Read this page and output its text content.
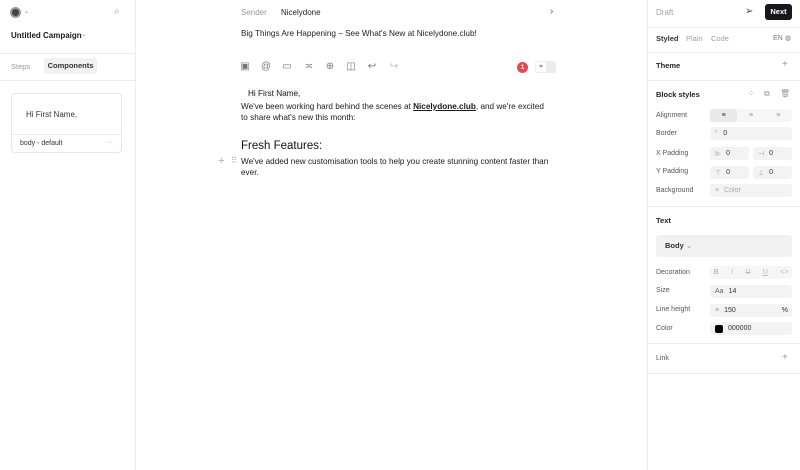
⌄	⌕
Untitled Campaign ⌄
Steps	Components
Hi First Name,
body - default	···
Sender Nicelydone	›
Big Things Are Happening – See What's New at Nicelydone.club!
▣ @ ▭ ≍ ⊕ ◫ ↩ ↪	1	⌗
Hi First Name,
We've been working hard behind the scenes at Nicelydone.club, and we're excited to share what's new this month:
Fresh Features:
+ ⠿ We've added new customisation tools to help you create stunning content faster than ever.
Draft	➢	Next
Styled Plain Code	EN ◍
Theme	+
Block styles	⁘ ⧉ 🗑
Alignment	≡	≡	≡
Border	⌜ 0
X Padding	⊫ 0	⊣ 0
Y Padding	⊤ 0	⊥ 0
Background	+ Color
Text
Body ⌄
Decoration	B I U U <>
Size	Aa 14
Line height	≡ 150	%
Color	000000
Link	+
